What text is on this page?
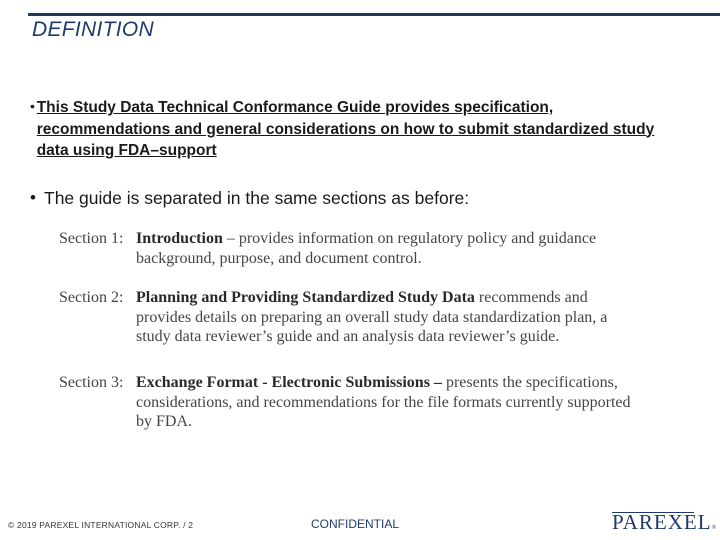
DEFINITION
• This Study Data Technical Conformance Guide provides specification, recommendations and general considerations on how to submit standardized study data using FDA–support
• The guide is separated in the same sections as before:
Section 1: Introduction – provides information on regulatory policy and guidance background, purpose, and document control.
Section 2: Planning and Providing Standardized Study Data recommends and provides details on preparing an overall study data standardization plan, a study data reviewer’s guide and an analysis data reviewer’s guide.
Section 3: Exchange Format - Electronic Submissions – presents the specifications, considerations, and recommendations for the file formats currently supported by FDA.
© 2019 PAREXEL INTERNATIONAL CORP. / 2	CONFIDENTIAL	PAREXEL®
